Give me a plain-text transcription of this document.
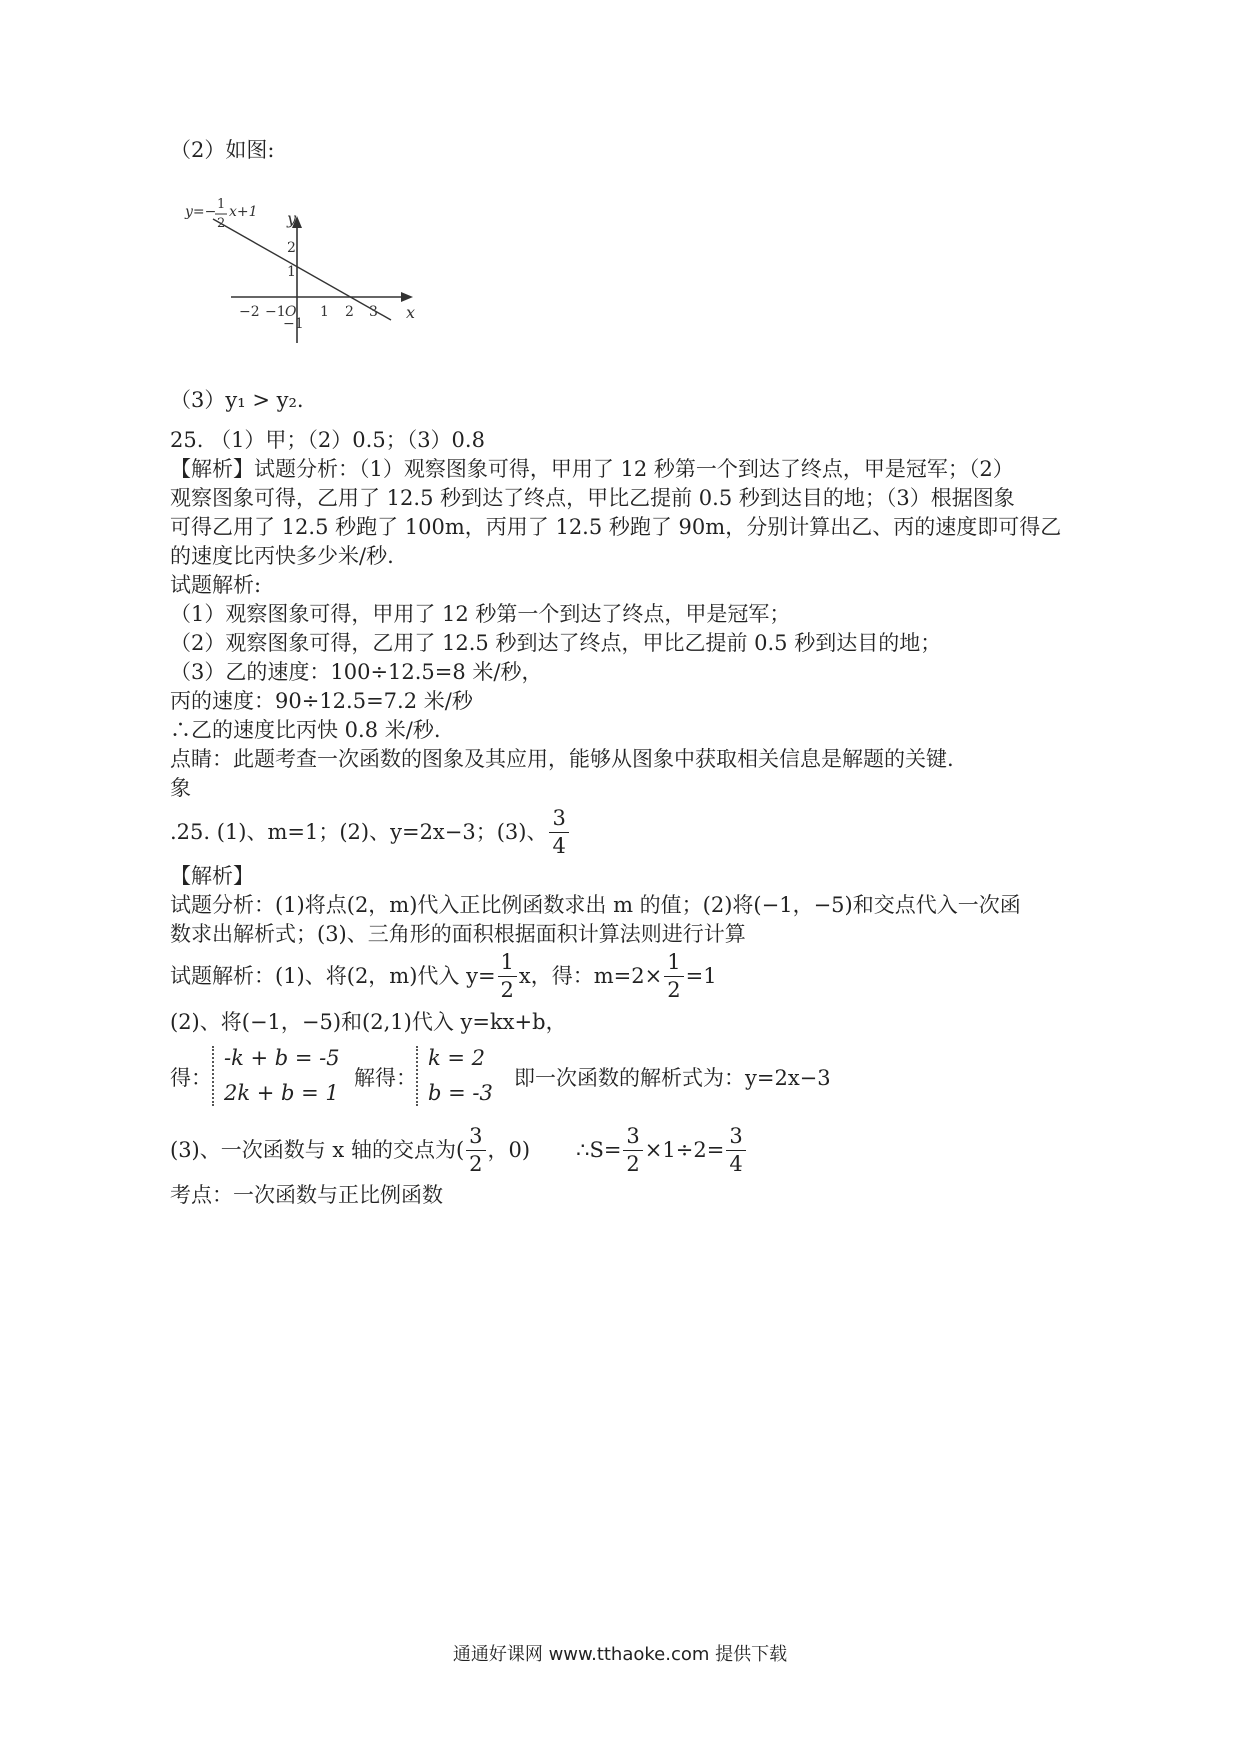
（2）如图:
−2 −1 O 1 2 3 x
y
2
1
−1
y=− 1
2
x+1
（3）y₁ > y₂.
25. （1）甲；（2）0.5；（3）0.8
【解析】试题分析：（1）观察图象可得，甲用了 12 秒第一个到达了终点，甲是冠军；（2）
观察图象可得，乙用了 12.5 秒到达了终点，甲比乙提前 0.5 秒到达目的地；（3）根据图象
可得乙用了 12.5 秒跑了 100m，丙用了 12.5 秒跑了 90m，分别计算出乙、丙的速度即可得乙
的速度比丙快多少米/秒.
试题解析:
（1）观察图象可得，甲用了 12 秒第一个到达了终点，甲是冠军；
（2）观察图象可得，乙用了 12.5 秒到达了终点，甲比乙提前 0.5 秒到达目的地；
（3）乙的速度：100÷12.5=8 米/秒，
丙的速度：90÷12.5=7.2 米/秒
∴乙的速度比丙快 0.8 米/秒.
点睛：此题考查一次函数的图象及其应用，能够从图象中获取相关信息是解题的关键.
象
.25. (1)、m=1；(2)、y=2x−3；(3)、 $\frac{3}{4}$
【解析】
试题分析：(1)将点(2，m)代入正比例函数求出 m 的值；(2)将(−1，−5)和交点代入一次函
数求出解析式；(3)、三角形的面积根据面积计算法则进行计算
试题解析：(1)、将(2，m)代入 $y= \frac{1}{2}$ x，得：$m=2\times \frac{1}{2} =1$
(2)、将(−1，−5)和(2,1)代入 y=kx+b，
得：
-k + b = -5
2k + b = 1
解得：
k = 2
b = -3
即一次函数的解析式为：y=2x−3
(3)、一次函数与 x 轴的交点为( $\frac{3}{2}$ ，0) ∴S= $\frac{3}{2} \times 1\div 2= \frac{3}{4}$
考点：一次函数与正比例函数
通通好课网 www.tthaoke.com 提供下载
